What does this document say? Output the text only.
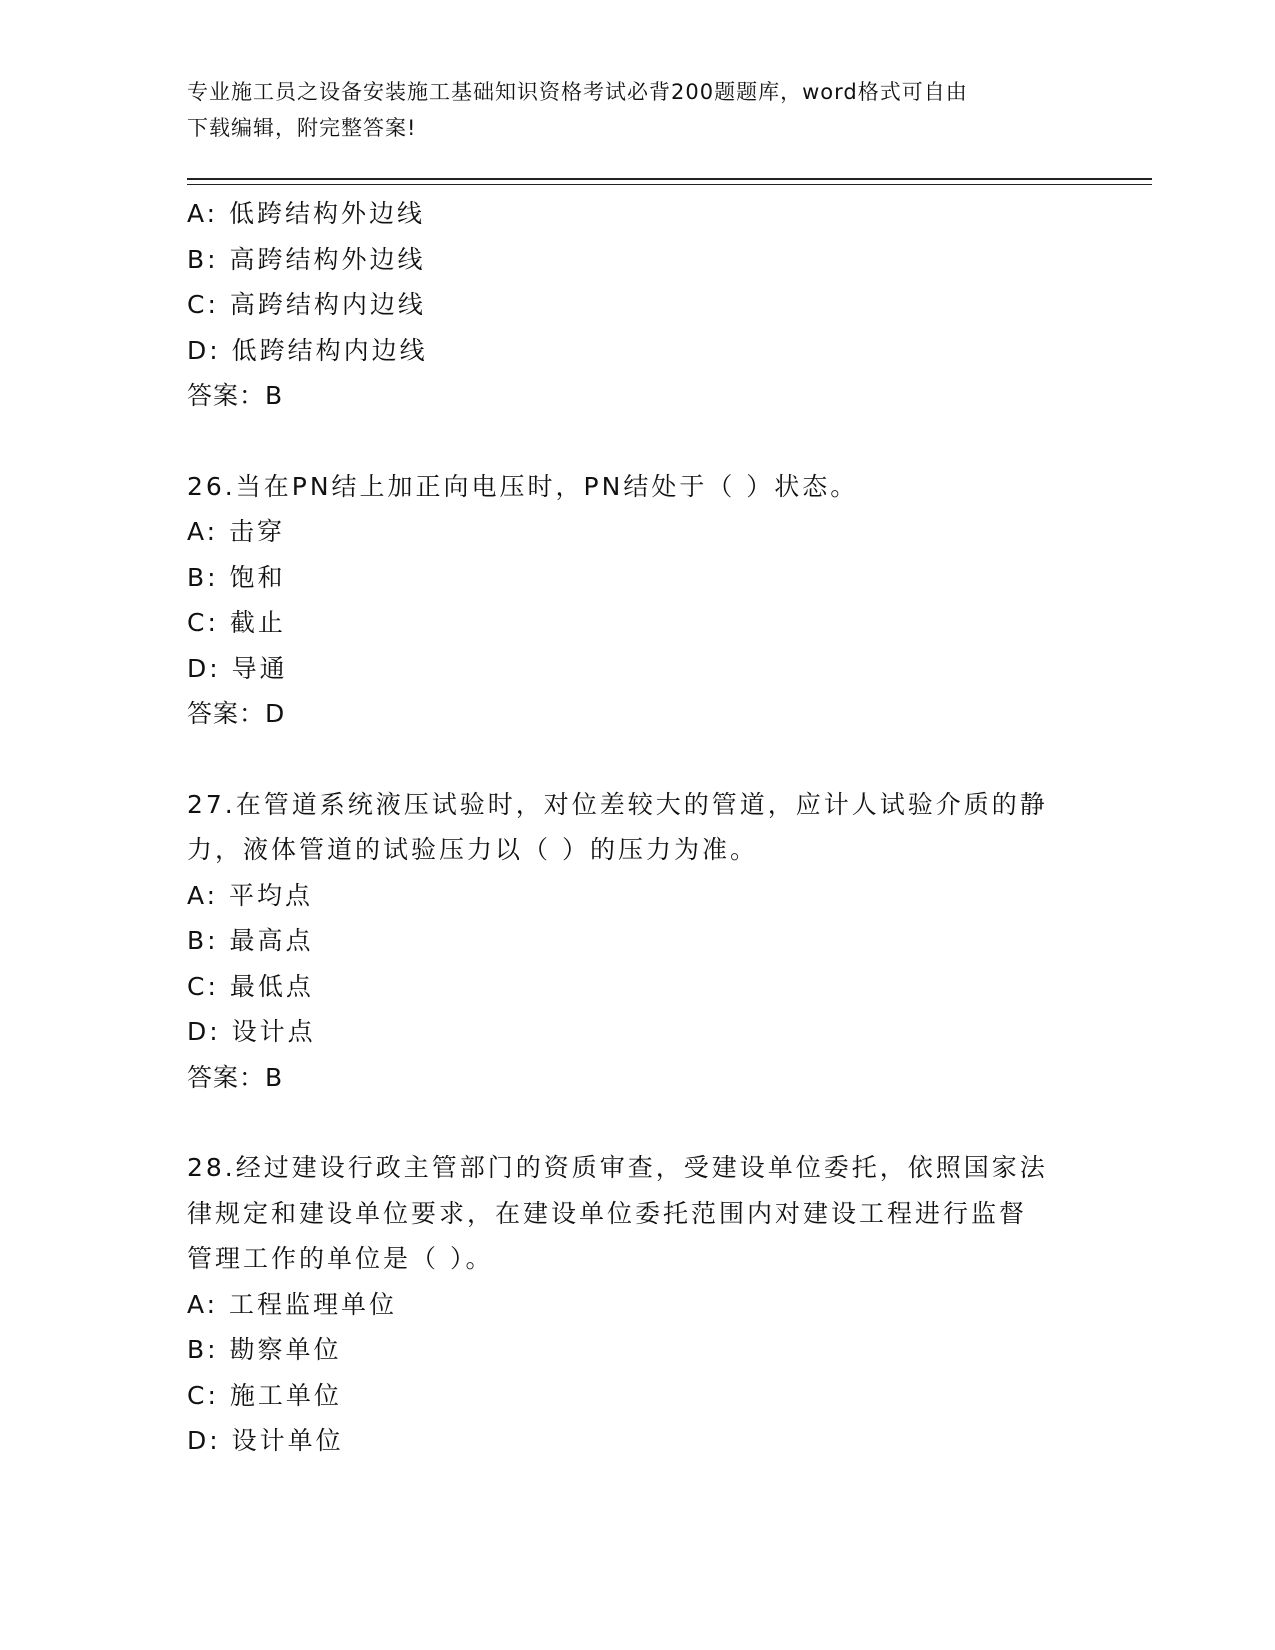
专业施工员之设备安装施工基础知识资格考试必背200题题库，word格式可自由
下载编辑，附完整答案!
A: 低跨结构外边线
B: 高跨结构外边线
C: 高跨结构内边线
D: 低跨结构内边线
答案：B
26.当在PN结上加正向电压时，PN结处于（ ）状态。
A: 击穿
B: 饱和
C: 截止
D: 导通
答案：D
27.在管道系统液压试验时，对位差较大的管道，应计人试验介质的静
力，液体管道的试验压力以（ ）的压力为准。
A: 平均点
B: 最高点
C: 最低点
D: 设计点
答案：B
28.经过建设行政主管部门的资质审查，受建设单位委托，依照国家法
律规定和建设单位要求，在建设单位委托范围内对建设工程进行监督
管理工作的单位是（ ）。
A: 工程监理单位
B: 勘察单位
C: 施工单位
D: 设计单位
